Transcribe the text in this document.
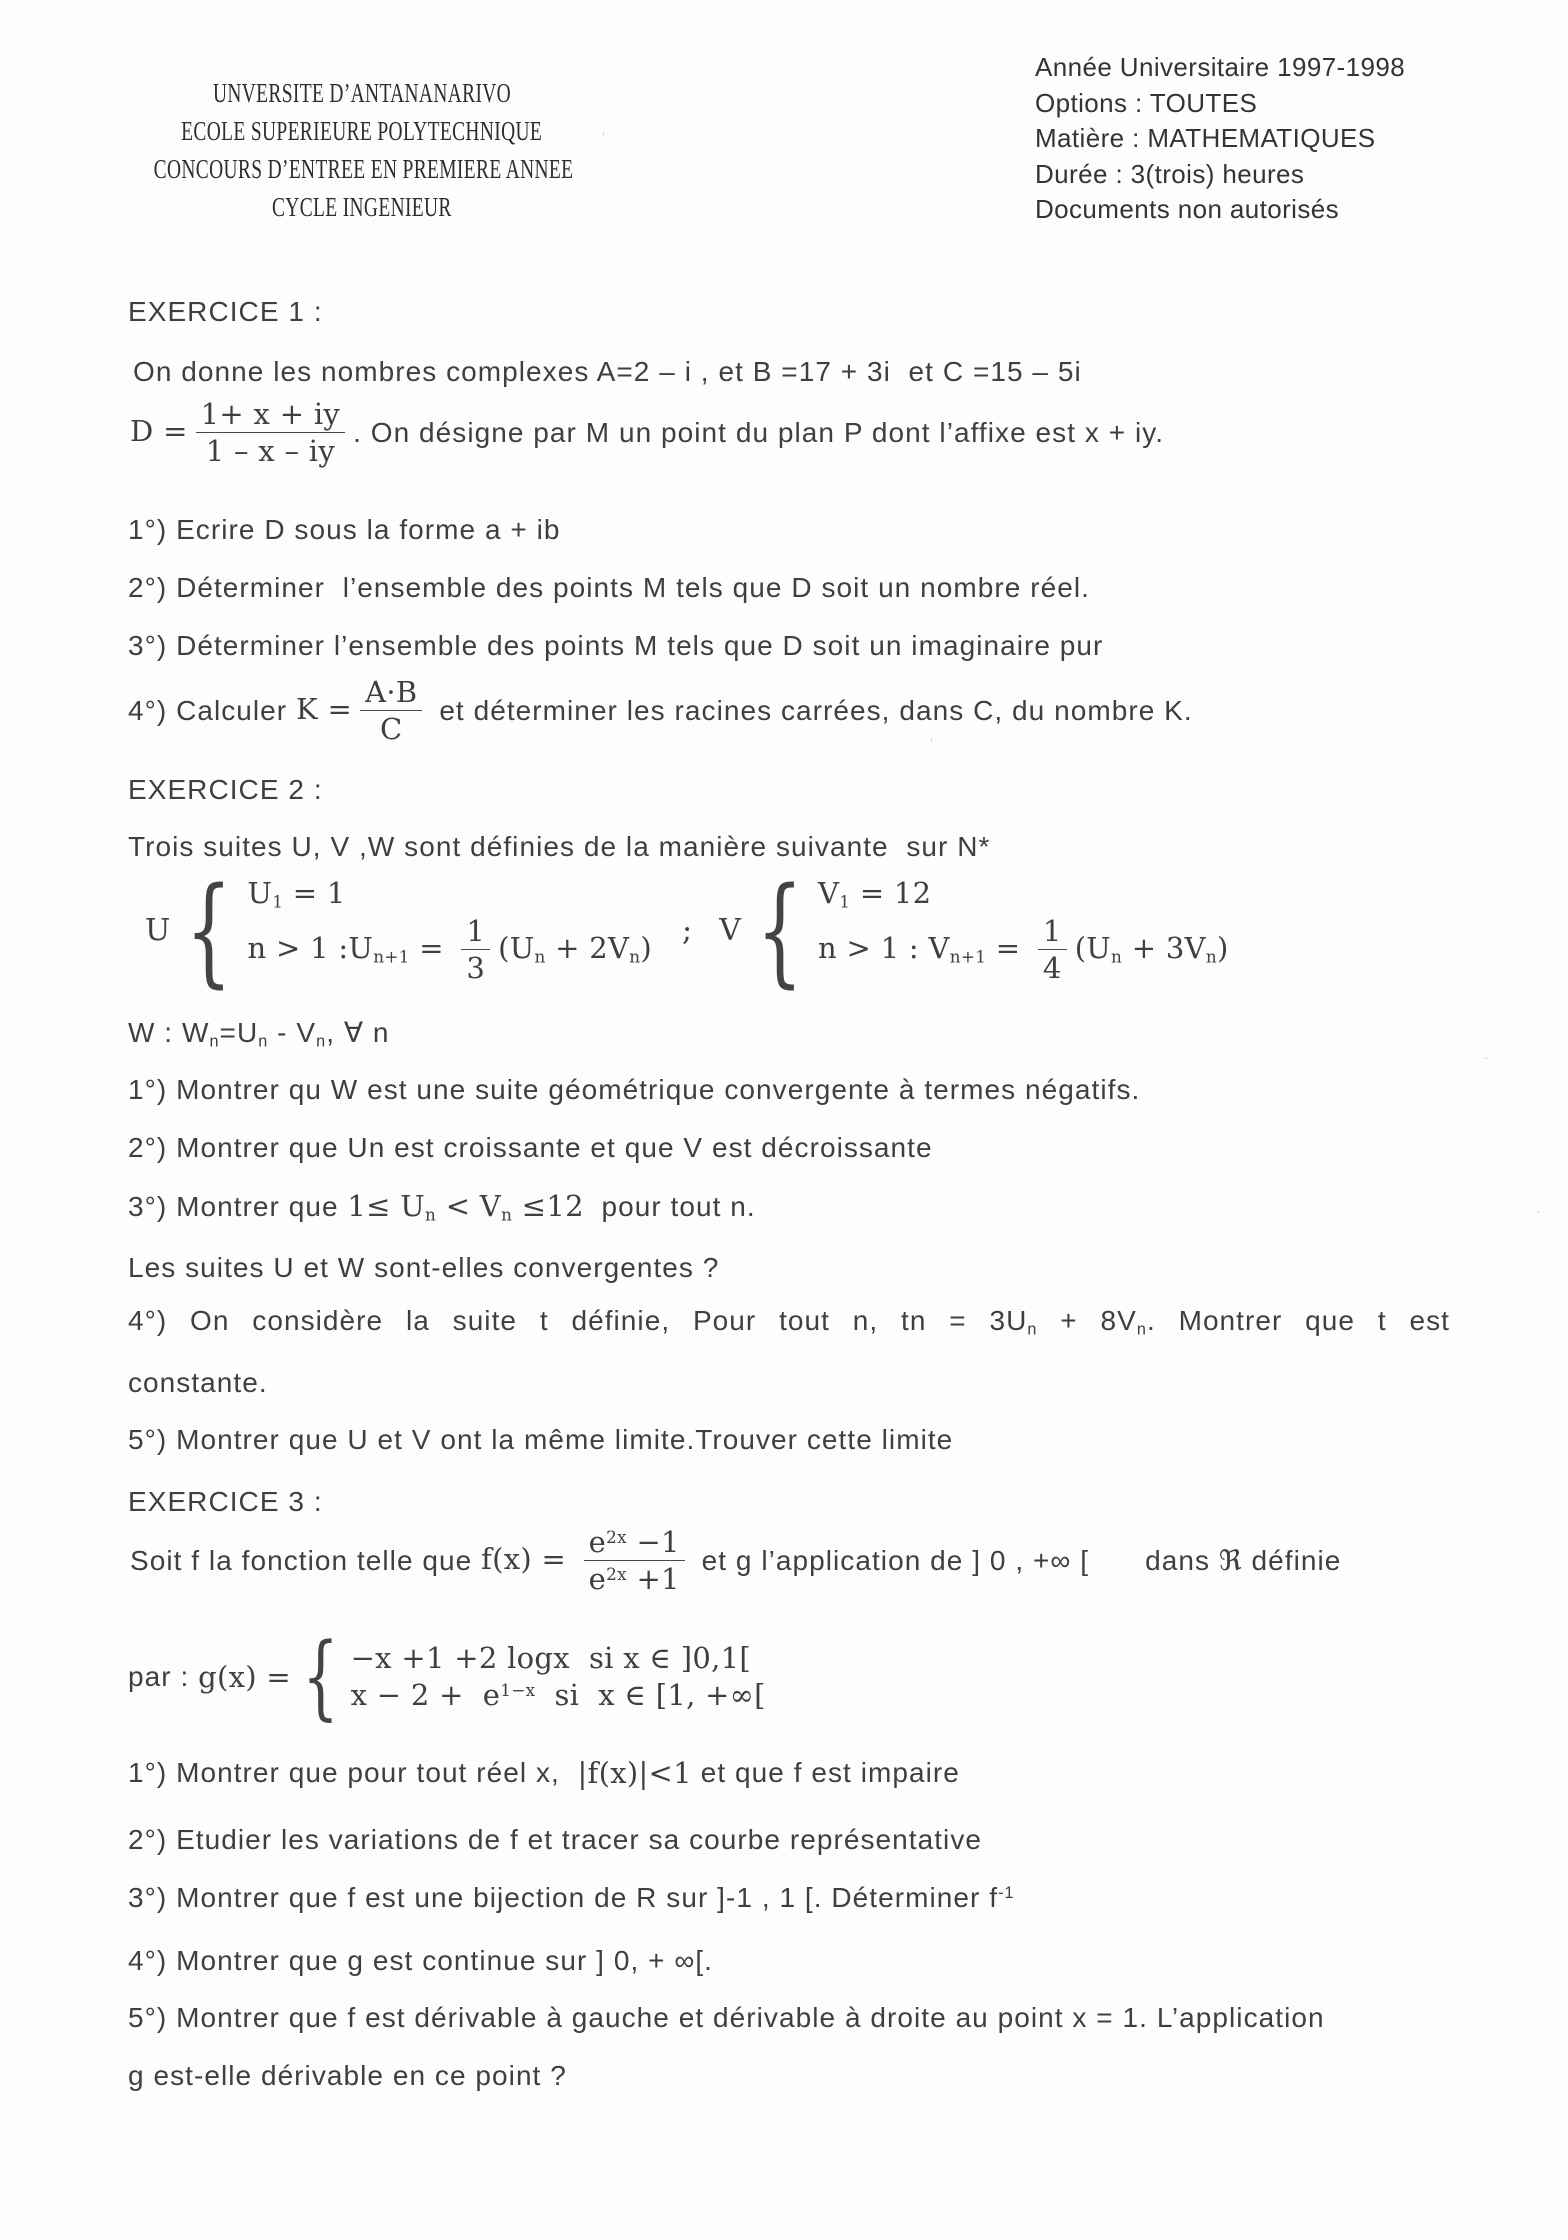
UNVERSITE D’ANTANANARIVO
ECOLE SUPERIEURE POLYTECHNIQUE
CONCOURS D’ENTREE EN PREMIERE ANNEE
CYCLE INGENIEUR
Année Universitaire 1997-1998
Options : TOUTES
Matière : MATHEMATIQUES
Durée : 3(trois) heures
Documents non autorisés
EXERCICE 1 :
On donne les nombres complexes A=2 – i , et B =17 + 3i  et C =15 – 5i
$D = \frac{1+ x + iy}{1 - x - iy}$ . On désigne par M un point du plan P dont l’affixe est x + iy.
1°) Ecrire D sous la forme a + ib
2°) Déterminer  l’ensemble des points M tels que D soit un nombre réel.
3°) Déterminer l’ensemble des points M tels que D soit un imaginaire pur
4°) Calculer $K = \frac{A\cdot B}{C}$ et déterminer les racines carrées, dans C, du nombre K.
EXERCICE 2 :
Trois suites U, V ,W sont définies de la manière suivante  sur N*
U { U1 = 1
n > 1 :Un+1 = $\frac{1}{3} (Un + 2Vn)$ ; V { V1 = 12
n > 1 : $Vn+1 = \frac{1}{4} (Un + 3Vn)$
W : Wn=Un - Vn, ∀ n
1°) Montrer qu W est une suite géométrique convergente à termes négatifs.
2°) Montrer que Un est croissante et que V est décroissante
3°) Montrer que 1≤ Un < Vn ≤12 pour tout n.
Les suites U et W sont-elles convergentes ?
4°) On considère la suite t définie, Pour tout n, tn = 3Un + 8Vn. Montrer que t est
constante.
5°) Montrer que U et V ont la même limite.Trouver cette limite
EXERCICE 3 :
Soit f la fonction telle que $f(x) = \frac{e^{2x} -1}{e^{2x} +1}$ et g l’application de ] 0 , +∞ [ dans ℜ définie
par : g(x) = { −x +1 +2 logx  si x ∈ ]0,1[
$x - 2 + e^{1-x}$  si  x ∈ [1, +∞[
1°) Montrer que pour tout réel x, |f(x)|<1 et que f est impaire
2°) Etudier les variations de f et tracer sa courbe représentative
3°) Montrer que f est une bijection de R sur ]-1 , 1 [. Déterminer $f^{-1}$
4°) Montrer que g est continue sur ] 0, + ∞[.
5°) Montrer que f est dérivable à gauche et dérivable à droite au point x = 1. L’application
g est-elle dérivable en ce point ?
ʼ
ʼ
·
·
